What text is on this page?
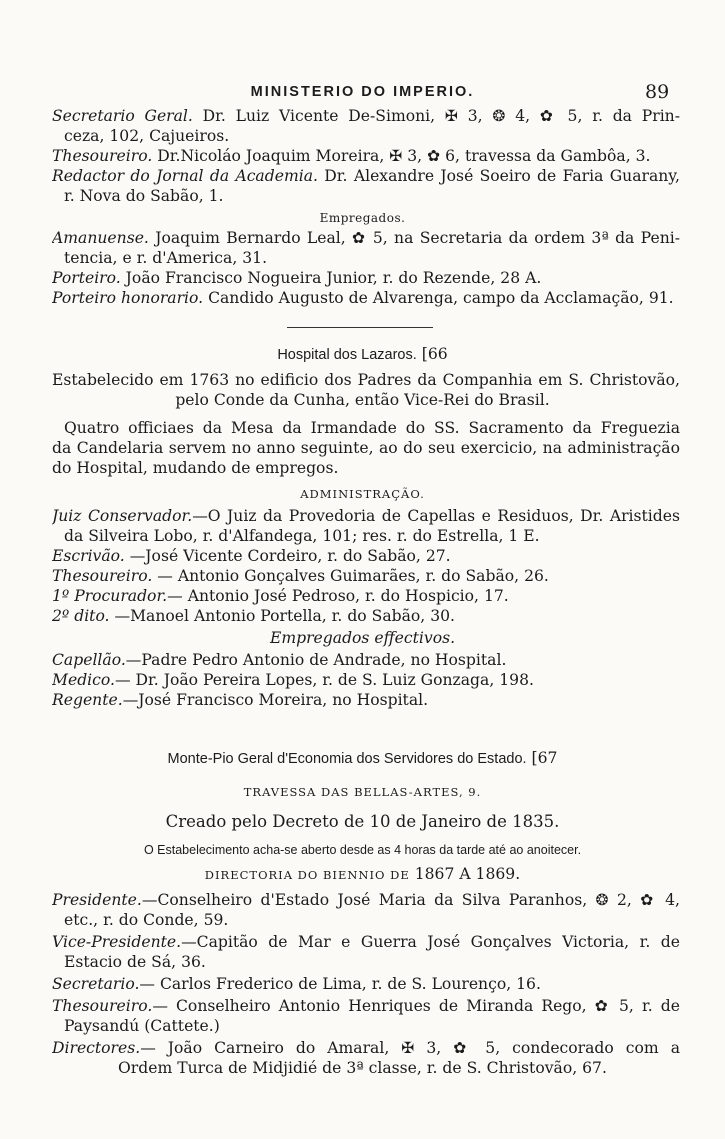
MINISTERIO DO IMPERIO.	89
Secretario Geral. Dr. Luiz Vicente De-Simoni, ✠ 3, ❂ 4, ✿ 5, r. da Prin-
ceza, 102, Cajueiros.
Thesoureiro. Dr.Nicoláo Joaquim Moreira, ✠ 3, ✿ 6, travessa da Gambôa, 3.
Redactor do Jornal da Academia. Dr. Alexandre José Soeiro de Faria Guarany,
r. Nova do Sabão, 1.
Empregados.
Amanuense. Joaquim Bernardo Leal, ✿ 5, na Secretaria da ordem 3ª da Peni-
tencia, e r. d'America, 31.
Porteiro. João Francisco Nogueira Junior, r. do Rezende, 28 A.
Porteiro honorario. Candido Augusto de Alvarenga, campo da Acclamação, 91.
Hospital dos Lazaros. [66
Estabelecido em 1763 no edificio dos Padres da Companhia em S. Christovão,
pelo Conde da Cunha, então Vice-Rei do Brasil.
Quatro officiaes da Mesa da Irmandade do SS. Sacramento da Freguezia
da Candelaria servem no anno seguinte, ao do seu exercicio, na administração
do Hospital, mudando de empregos.
ADMINISTRAÇÃO.
Juiz Conservador.—O Juiz da Provedoria de Capellas e Residuos, Dr. Aristides
da Silveira Lobo, r. d'Alfandega, 101; res. r. do Estrella, 1 E.
Escrivão. —José Vicente Cordeiro, r. do Sabão, 27.
Thesoureiro. — Antonio Gonçalves Guimarães, r. do Sabão, 26.
1º Procurador.— Antonio José Pedroso, r. do Hospicio, 17.
2º dito. —Manoel Antonio Portella, r. do Sabão, 30.
Empregados effectivos.
Capellão.—Padre Pedro Antonio de Andrade, no Hospital.
Medico.— Dr. João Pereira Lopes, r. de S. Luiz Gonzaga, 198.
Regente.—José Francisco Moreira, no Hospital.
Monte-Pio Geral d'Economia dos Servidores do Estado. [67
TRAVESSA DAS BELLAS-ARTES, 9.
Creado pelo Decreto de 10 de Janeiro de 1835.
O Estabelecimento acha-se aberto desde as 4 horas da tarde até ao anoitecer.
DIRECTORIA DO BIENNIO DE 1867 A 1869.
Presidente.—Conselheiro d'Estado José Maria da Silva Paranhos, ❂ 2, ✿ 4,
etc., r. do Conde, 59.
Vice-Presidente.—Capitão de Mar e Guerra José Gonçalves Victoria, r. de
Estacio de Sá, 36.
Secretario.— Carlos Frederico de Lima, r. de S. Lourenço, 16.
Thesoureiro.— Conselheiro Antonio Henriques de Miranda Rego, ✿ 5, r. de
Paysandú (Cattete.)
Directores.— João Carneiro do Amaral, ✠ 3, ✿ 5, condecorado com a
Ordem Turca de Midjidié de 3ª classe, r. de S. Christovão, 67.
